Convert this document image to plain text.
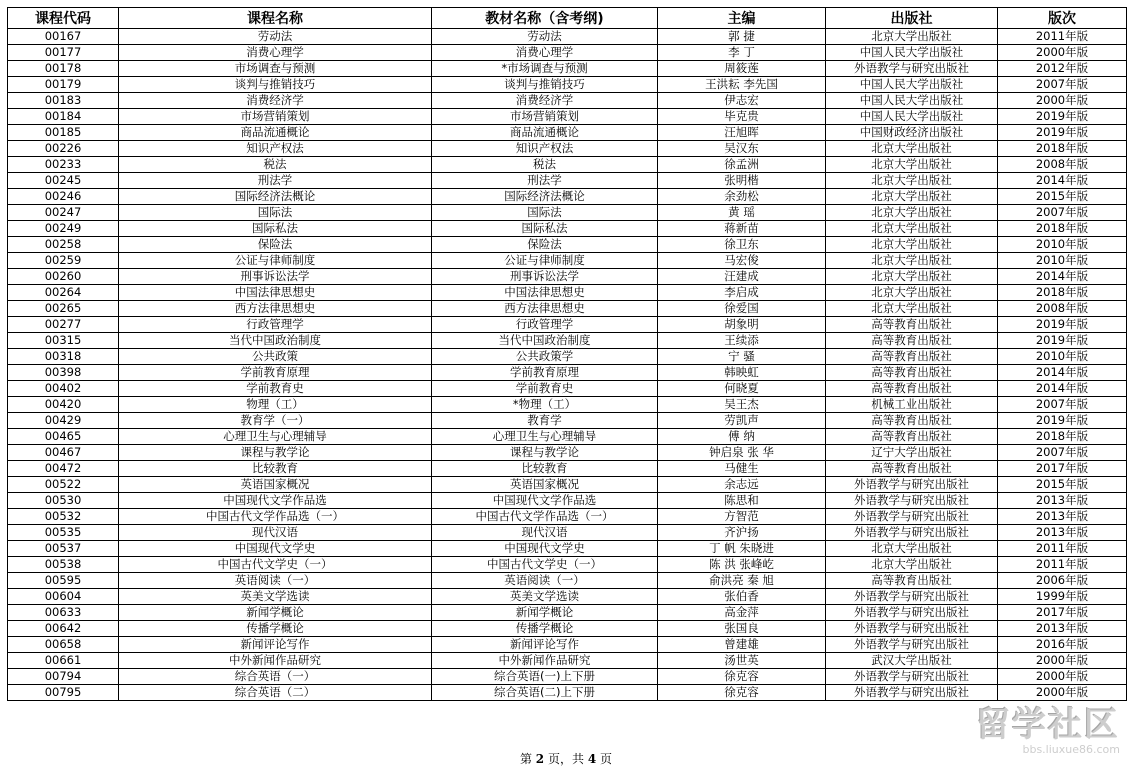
课程代码	课程名称	教材名称（含考纲)	主编	出版社	版次
00167	劳动法	劳动法	郭 捷	北京大学出版社	2011年版
00177	消费心理学	消费心理学	李 丁	中国人民大学出版社	2000年版
00178	市场调查与预测	*市场调查与预测	周筱莲	外语教学与研究出版社	2012年版
00179	谈判与推销技巧	谈判与推销技巧	王洪耘 李先国	中国人民大学出版社	2007年版
00183	消费经济学	消费经济学	伊志宏	中国人民大学出版社	2000年版
00184	市场营销策划	市场营销策划	毕克贵	中国人民大学出版社	2019年版
00185	商品流通概论	商品流通概论	汪旭晖	中国财政经济出版社	2019年版
00226	知识产权法	知识产权法	吴汉东	北京大学出版社	2018年版
00233	税法	税法	徐孟洲	北京大学出版社	2008年版
00245	刑法学	刑法学	张明楷	北京大学出版社	2014年版
00246	国际经济法概论	国际经济法概论	余劲松	北京大学出版社	2015年版
00247	国际法	国际法	黄 瑶	北京大学出版社	2007年版
00249	国际私法	国际私法	蒋新苗	北京大学出版社	2018年版
00258	保险法	保险法	徐卫东	北京大学出版社	2010年版
00259	公证与律师制度	公证与律师制度	马宏俊	北京大学出版社	2010年版
00260	刑事诉讼法学	刑事诉讼法学	汪建成	北京大学出版社	2014年版
00264	中国法律思想史	中国法律思想史	李启成	北京大学出版社	2018年版
00265	西方法律思想史	西方法律思想史	徐爱国	北京大学出版社	2008年版
00277	行政管理学	行政管理学	胡象明	高等教育出版社	2019年版
00315	当代中国政治制度	当代中国政治制度	王续添	高等教育出版社	2019年版
00318	公共政策	公共政策学	宁 骚	高等教育出版社	2010年版
00398	学前教育原理	学前教育原理	韩映虹	高等教育出版社	2014年版
00402	学前教育史	学前教育史	何晓夏	高等教育出版社	2014年版
00420	物理（工）	*物理（工）	吴王杰	机械工业出版社	2007年版
00429	教育学（一）	教育学	劳凯声	高等教育出版社	2019年版
00465	心理卫生与心理辅导	心理卫生与心理辅导	傅 纳	高等教育出版社	2018年版
00467	课程与教学论	课程与教学论	钟启泉 张 华	辽宁大学出版社	2007年版
00472	比较教育	比较教育	马健生	高等教育出版社	2017年版
00522	英语国家概况	英语国家概况	余志远	外语教学与研究出版社	2015年版
00530	中国现代文学作品选	中国现代文学作品选	陈思和	外语教学与研究出版社	2013年版
00532	中国古代文学作品选（一）	中国古代文学作品选（一）	方智范	外语教学与研究出版社	2013年版
00535	现代汉语	现代汉语	齐沪扬	外语教学与研究出版社	2013年版
00537	中国现代文学史	中国现代文学史	丁 帆 朱晓进	北京大学出版社	2011年版
00538	中国古代文学史（一）	中国古代文学史（一）	陈 洪 张峰屹	北京大学出版社	2011年版
00595	英语阅读（一）	英语阅读（一）	俞洪亮 秦 旭	高等教育出版社	2006年版
00604	英美文学选读	英美文学选读	张伯香	外语教学与研究出版社	1999年版
00633	新闻学概论	新闻学概论	高金萍	外语教学与研究出版社	2017年版
00642	传播学概论	传播学概论	张国良	外语教学与研究出版社	2013年版
00658	新闻评论写作	新闻评论写作	曾建雄	外语教学与研究出版社	2016年版
00661	中外新闻作品研究	中外新闻作品研究	汤世英	武汉大学出版社	2000年版
00794	综合英语（一）	综合英语(一)上下册	徐克容	外语教学与研究出版社	2000年版
00795	综合英语（二）	综合英语(二)上下册	徐克容	外语教学与研究出版社	2000年版
第 2 页，共 4 页
留学社区
bbs.liuxue86.com
